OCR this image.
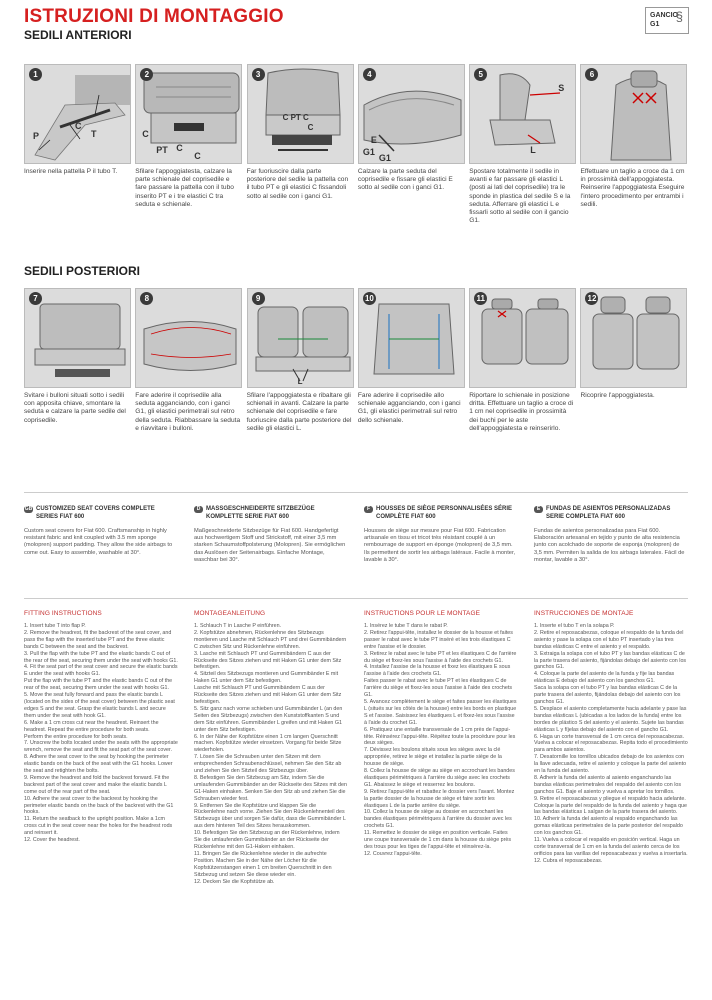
ISTRUZIONI DI MONTAGGIO
SEDILI ANTERIORI
GANCIO
G1
§
1
C
P	T
Inserire nella pattella P il tubo T.
2
C
PT C
C
Sfilare l'appoggiatesta, calzare la parte schienale del coprisedile e fare passare la pattella con il tubo inserito PT e i tre elastici C tra seduta e schienale.
3
C
C PT C
Far fuoriuscire dalla parte posteriore del sedile la pattella con il tubo PT e gli elastici C fissandoli sotto al sedile con i ganci G1.
4
E
G1
G1
Calzare la parte seduta del coprisedile e fissare gli elastici E sotto al sedile con i ganci G1.
5
S
L
Spostare totalmente il sedile in avanti e far passare gli elastici L (posti ai lati del coprisedile) tra le sponde in plastica del sedile S e la seduta. Afferrare gli elastici L e fissarli sotto al sedile con il gancio G1.
6
Effettuare un taglio a croce da 1 cm in prossimità dell'appoggiatesta. Reinserire l'appoggiatesta Eseguire l'intero procedimento per entrambi i sedili.
SEDILI POSTERIORI
7
Svitare i bulloni situati sotto i sedili con apposita chiave, smontare la seduta e calzare la parte sedile del coprisedile.
8
Fare aderire il coprisedile alla seduta agganciando, con i ganci G1, gli elastici perimetrali sul retro della seduta. Riabbassare la seduta e riavvitare i bulloni.
9
L
Sfilare l'appoggiatesta e ribaltare gli schienali in avanti. Calzare la parte schienale del coprisedile e fare fuoriuscire dalla parte posteriore del sedile gli elastici L.
10
Fare aderire il coprisedile allo schienale agganciando, con i ganci G1, gli elastici perimetrali sul retro dello schienale.
11
Riportare lo schienale in posizione dritta. Effettuare un taglio a croce di 1 cm nel coprisedile in prossimità dei buchi per le aste dell'appoggiatesta e reinserirlo.
12
Ricoprire l'appoggiatesta.
GB CUSTOMIZED SEAT COVERS COMPLETE SERIES FIAT 600
Custom seat covers for Fiat 600. Craftsmanship in highly resistant fabric and knit coupled with 3.5 mm sponge (molopren) support padding. They allow the side airbags to come out. Easy to assemble, washable at 30°.
D MASSGESCHNEIDERTE SITZBEZÜGE KOMPLETTE SERIE FIAT 600
Maßgeschneiderte Sitzbezüge für Fiat 600. Handgefertigt aus hochwertigem Stoff und Strickstoff, mit einer 3,5 mm starken Schaumstoffpolsterung (Molopren). Sie ermöglichen das Auslösen der Seitenairbags. Einfache Montage, waschbar bei 30°.
F HOUSSES DE SIÈGE PERSONNALISÉES SÉRIE COMPLÈTE FIAT 600
Housses de siège sur mesure pour Fiat 600. Fabrication artisanale en tissu et tricot très résistant couplé à un rembourrage de support en éponge (molopren) de 3,5 mm. Ils permettent de sortir les airbags latéraux. Facile à monter, lavable à 30°.
E FUNDAS DE ASIENTOS PERSONALIZADAS SERIE COMPLETA FIAT 600
Fundas de asientos personalizadas para Fiat 600. Elaboración artesanal en tejido y punto de alta resistencia junto con acolchado de soporte de esponja (molopren) de 3,5 mm. Permiten la salida de los airbags laterales. Fácil de montar, lavable a 30°.
FITTING INSTRUCTIONS
1. Insert tube T into flap P.
2. Remove the headrest, fit the backrest of the seat cover, and pass the flap with the inserted tube PT and the three elastic bands C between the seat and the backrest.
3. Pull the flap with the tube PT and the elastic bands C out of the rear of the seat, securing them under the seat with hooks G1.
4. Fit the seat part of the seat cover and secure the elastic bands E under the seat with hooks G1.
Put the flap with the tube PT and the elastic bands C out of the rear of the seat, securing them under the seat with hooks G1.
5. Move the seat fully forward and pass the elastic bands L (located on the sides of the seat cover) between the plastic seat edges S and the seat. Grasp the elastic bands L and secure them under the seat with hook G1.
6. Make a 1 cm cross cut near the headrest. Reinsert the headrest. Repeat the entire procedure for both seats.
Perform the entire procedure for both seats.
7. Unscrew the bolts located under the seats with the appropriate wrench, remove the seat and fit the seat part of the seat cover.
8. Adhere the seat cover to the seat by hooking the perimeter elastic bands on the back of the seat with the G1 hooks. Lower the seat and retighten the bolts.
9. Remove the headrest and fold the backrest forward. Fit the backrest part of the seat cover and make the elastic bands L come out of the rear part of the seat.
10. Adhere the seat cover to the backrest by hooking the perimeter elastic bands on the back of the backrest with the G1 hooks.
11. Return the seatback to the upright position. Make a 1cm cross cut in the seat cover near the holes for the headrest rods and reinsert it.
12. Cover the headrest.
MONTAGEANLEITUNG
1. Schlauch T in Lasche P einführen.
2. Kopfstütze abnehmen, Rückenlehne des Sitzbezugs montieren und Lasche mit Schlauch PT und drei Gummibändern C zwischen Sitz und Rückenlehne einführen.
3. Lasche mit Schlauch PT und Gummibändern C aus der Rückseite des Sitzes ziehen und mit Haken G1 unter dem Sitz befestigen.
4. Sitzteil des Sitzbezugs montieren und Gummibänder E mit Haken G1 unter dem Sitz befestigen.
Lasche mit Schlauch PT und Gummibändern C aus der Rückseite des Sitzes ziehen und mit Haken G1 unter dem Sitz befestigen.
5. Sitz ganz nach vorne schieben und Gummibänder L (an den Seiten des Sitzbezugs) zwischen den Kunststoffkanten S und dem Sitz einführen. Gummibänder L greifen und mit Haken G1 unter dem Sitz befestigen.
6. In der Nähe der Kopfstütze einen 1 cm langen Querschnitt machen. Kopfstütze wieder einsetzen. Vorgang für beide Sitze wiederholen.
7. Lösen Sie die Schrauben unter den Sitzen mit dem entsprechenden Schraubenschlüssel, nehmen Sie den Sitz ab und ziehen Sie den Sitzteil des Sitzbezugs über.
8. Befestigen Sie den Sitzbezug am Sitz, indem Sie die umlaufenden Gummibänder an der Rückseite des Sitzes mit den G1-Haken einhaken. Senken Sie den Sitz ab und ziehen Sie die Schrauben wieder fest.
9. Entfernen Sie die Kopfstütze und klappen Sie die Rückenlehne nach vorne. Ziehen Sie den Rückenlehnenteil des Sitzbezugs über und sorgen Sie dafür, dass die Gummibänder L aus dem hinteren Teil des Sitzes herauskommen.
10. Befestigen Sie den Sitzbezug an der Rückenlehne, indem Sie die umlaufenden Gummibänder an der Rückseite der Rückenlehne mit den G1-Haken einhaken.
11. Bringen Sie die Rückenlehne wieder in die aufrechte Position. Machen Sie in der Nähe der Löcher für die Kopfstützenstangen einen 1 cm breiten Querschnitt in den Sitzbezug und setzen Sie diese wieder ein.
12. Decken Sie die Kopfstütze ab.
INSTRUCTIONS POUR LE MONTAGE
1. Insérez le tube T dans le rabat P.
2. Retirez l'appui-tête, installez le dossier de la housse et faites passer le rabat avec le tube PT inséré et les trois élastiques C entre l'assise et le dossier.
3. Retirez le rabat avec le tube PT et les élastiques C de l'arrière du siège et fixez-les sous l'assise à l'aide des crochets G1.
4. Installez l'assise de la housse et fixez les élastiques E sous l'assise à l'aide des crochets G1.
Faites passer le rabat avec le tube PT et les élastiques C de l'arrière du siège et fixez-les sous l'assise à l'aide des crochets G1.
5. Avancez complètement le siège et faites passer les élastiques L (situés sur les côtés de la housse) entre les bords en plastique S et l'assise. Saisissez les élastiques L et fixez-les sous l'assise à l'aide du crochet G1.
6. Pratiquez une entaille transversale de 1 cm près de l'appui-tête. Réinsérez l'appui-tête. Répétez toute la procédure pour les deux sièges.
7. Dévissez les boulons situés sous les sièges avec la clé appropriée, retirez le siège et installez la partie siège de la housse de siège.
8. Collez la housse de siège au siège en accrochant les bandes élastiques périmétriques à l'arrière du siège avec les crochets G1. Abaissez le siège et resserrez les boulons.
9. Retirez l'appui-tête et rabattez le dossier vers l'avant. Montez la partie dossier de la housse de siège et faire sortir les élastiques L de la partie arrière du siège.
10. Collez la housse de siège au dossier en accrochant les bandes élastiques périmétriques à l'arrière du dossier avec les crochets G1.
11. Remettez le dossier de siège en position verticale. Faites une coupe transversale de 1 cm dans la housse du siège près des trous pour les tiges de l'appui-tête et réinsérez-la.
12. Couvrez l'appui-tête.
INSTRUCCIONES DE MONTAJE
1. Inserte el tubo T en la solapa P.
2. Retire el reposacabezas, coloque el respaldo de la funda del asiento y pase la solapa con el tubo PT insertado y las tres bandas elásticas C entre el asiento y el respaldo.
3. Extraiga la solapa con el tubo PT y las bandas elásticas C de la parte trasera del asiento, fijándolas debajo del asiento con los ganchos G1.
4. Coloque la parte del asiento de la funda y fije las bandas elásticas E debajo del asiento con los ganchos G1.
Saca la solapa con el tubo PT y las bandas elásticas C de la parte trasera del asiento, fijándolas debajo del asiento con los ganchos G1.
5. Desplace el asiento completamente hacia adelante y pase las bandas elásticas L (ubicadas a los lados de la funda) entre los bordes de plástico S del asiento y el asiento. Sujete las bandas elásticas L y fíjelas debajo del asiento con el gancho G1.
6. Haga un corte transversal de 1 cm cerca del reposacabezas. Vuelva a colocar el reposacabezas. Repita todo el procedimiento para ambos asientos.
7. Desatornille los tornillos ubicados debajo de los asientos con la llave adecuada, retire el asiento y coloque la parte del asiento en la funda del asiento.
8. Adherir la funda del asiento al asiento enganchando las bandas elásticas perimetrales del respaldo del asiento con los ganchos G1. Baje el asiento y vuelva a apretar los tornillos.
9. Retire el reposacabezas y pliegue el respaldo hacia adelante. Coloque la parte del respaldo de la funda del asiento y haga que las bandas elásticas L salgan de la parte trasera del asiento.
10. Adherir la funda del asiento al respaldo enganchando las gomas elásticas perimetrales de la parte posterior del respaldo con los ganchos G1.
11. Vuelva a colocar el respaldo en posición vertical. Haga un corte transversal de 1 cm en la funda del asiento cerca de los orificios para las varillas del reposacabezas y vuelva a insertarla.
12. Cubra el reposacabezas.
